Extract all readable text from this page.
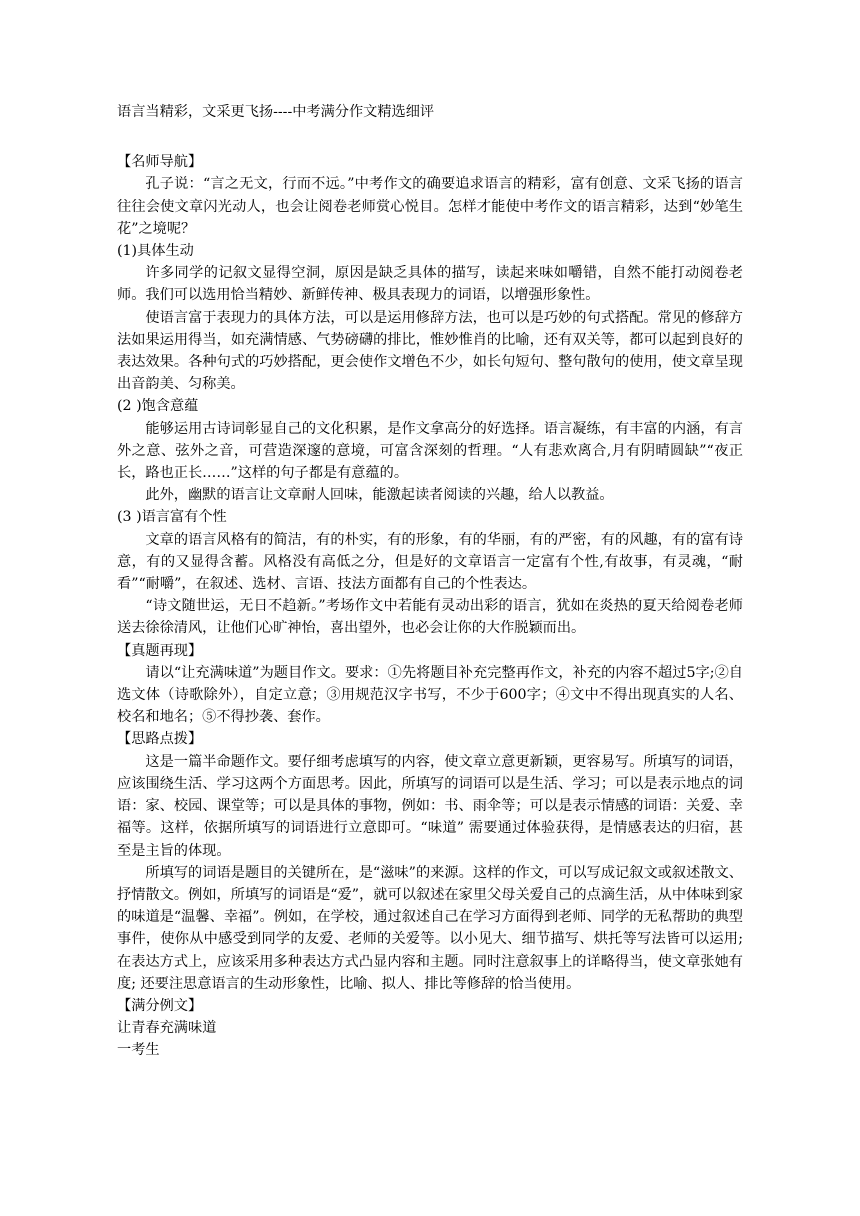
语言当精彩，文采更飞扬----中考满分作文精选细评
【名师导航】
孔子说：“言之无文，行而不远。”中考作文的确要追求语言的精彩，富有创意、文采飞扬的语言往往会使文章闪光动人，也会让阅卷老师赏心悦目。怎样才能使中考作文的语言精彩，达到“妙笔生花”之境呢？
(1)具体生动
许多同学的记叙文显得空洞，原因是缺乏具体的描写，读起来味如嚼错，自然不能打动阅卷老师。我们可以选用恰当精妙、新鲜传神、极具表现力的词语，以增强形象性。
使语言富于表现力的具体方法，可以是运用修辞方法，也可以是巧妙的句式搭配。常见的修辞方法如果运用得当，如充满情感、气势磅礴的排比，惟妙惟肖的比喻，还有双关等，都可以起到良好的表达效果。各种句式的巧妙搭配，更会使作文增色不少，如长句短句、整句散句的使用，使文章呈现出音韵美、匀称美。
(2 )饱含意蕴
能够运用古诗词彰显自己的文化积累，是作文拿高分的好选择。语言凝练，有丰富的内涵，有言外之意、弦外之音，可营造深邃的意境，可富含深刻的哲理。“人有悲欢离合,月有阴晴圆缺”“夜正长，路也正长……”这样的句子都是有意蕴的。
此外，幽默的语言让文章耐人回味，能激起读者阅读的兴趣，给人以教益。
(3 )语言富有个性
文章的语言风格有的简洁，有的朴实，有的形象，有的华丽，有的严密，有的风趣，有的富有诗意，有的又显得含蓄。风格没有高低之分，但是好的文章语言一定富有个性,有故事，有灵魂，“耐看”“耐嚼”，在叙述、选材、言语、技法方面都有自己的个性表达。
“诗文随世运，无日不趋新。”考场作文中若能有灵动出彩的语言，犹如在炎热的夏天给阅卷老师送去徐徐清风，让他们心旷神怡，喜出望外，也必会让你的大作脱颖而出。
【真题再现】
请以“让充满味道”为题目作文。要求：①先将题目补充完整再作文，补充的内容不超过5字;②自选文体（诗歌除外），自定立意；③用规范汉字书写，不少于600字；④文中不得出现真实的人名、校名和地名；⑤不得抄袭、套作。
【思路点拨】
这是一篇半命题作文。要仔细考虑填写的内容，使文章立意更新颖，更容易写。所填写的词语，应该围绕生活、学习这两个方面思考。因此，所填写的词语可以是生活、学习；可以是表示地点的词语：家、校园、课堂等；可以是具体的事物，例如：书、雨伞等；可以是表示情感的词语：关爱、幸福等。这样，依据所填写的词语进行立意即可。“味道” 需要通过体验获得，是情感表达的归宿，甚至是主旨的体现。
所填写的词语是题目的关键所在，是“滋味”的来源。这样的作文，可以写成记叙文或叙述散文、抒情散文。例如，所填写的词语是“爱”，就可以叙述在家里父母关爱自己的点滴生活，从中体味到家的味道是“温馨、幸福”。例如，在学校，通过叙述自己在学习方面得到老师、同学的无私帮助的典型事件，使你从中感受到同学的友爱、老师的关爱等。以小见大、细节描写、烘托等写法皆可以运用; 在表达方式上，应该采用多种表达方式凸显内容和主题。同时注意叙事上的详略得当，使文章张她有度; 还要注思意语言的生动形象性，比喻、拟人、排比等修辞的恰当使用。
【满分例文】
让青春充满味道
一考生
